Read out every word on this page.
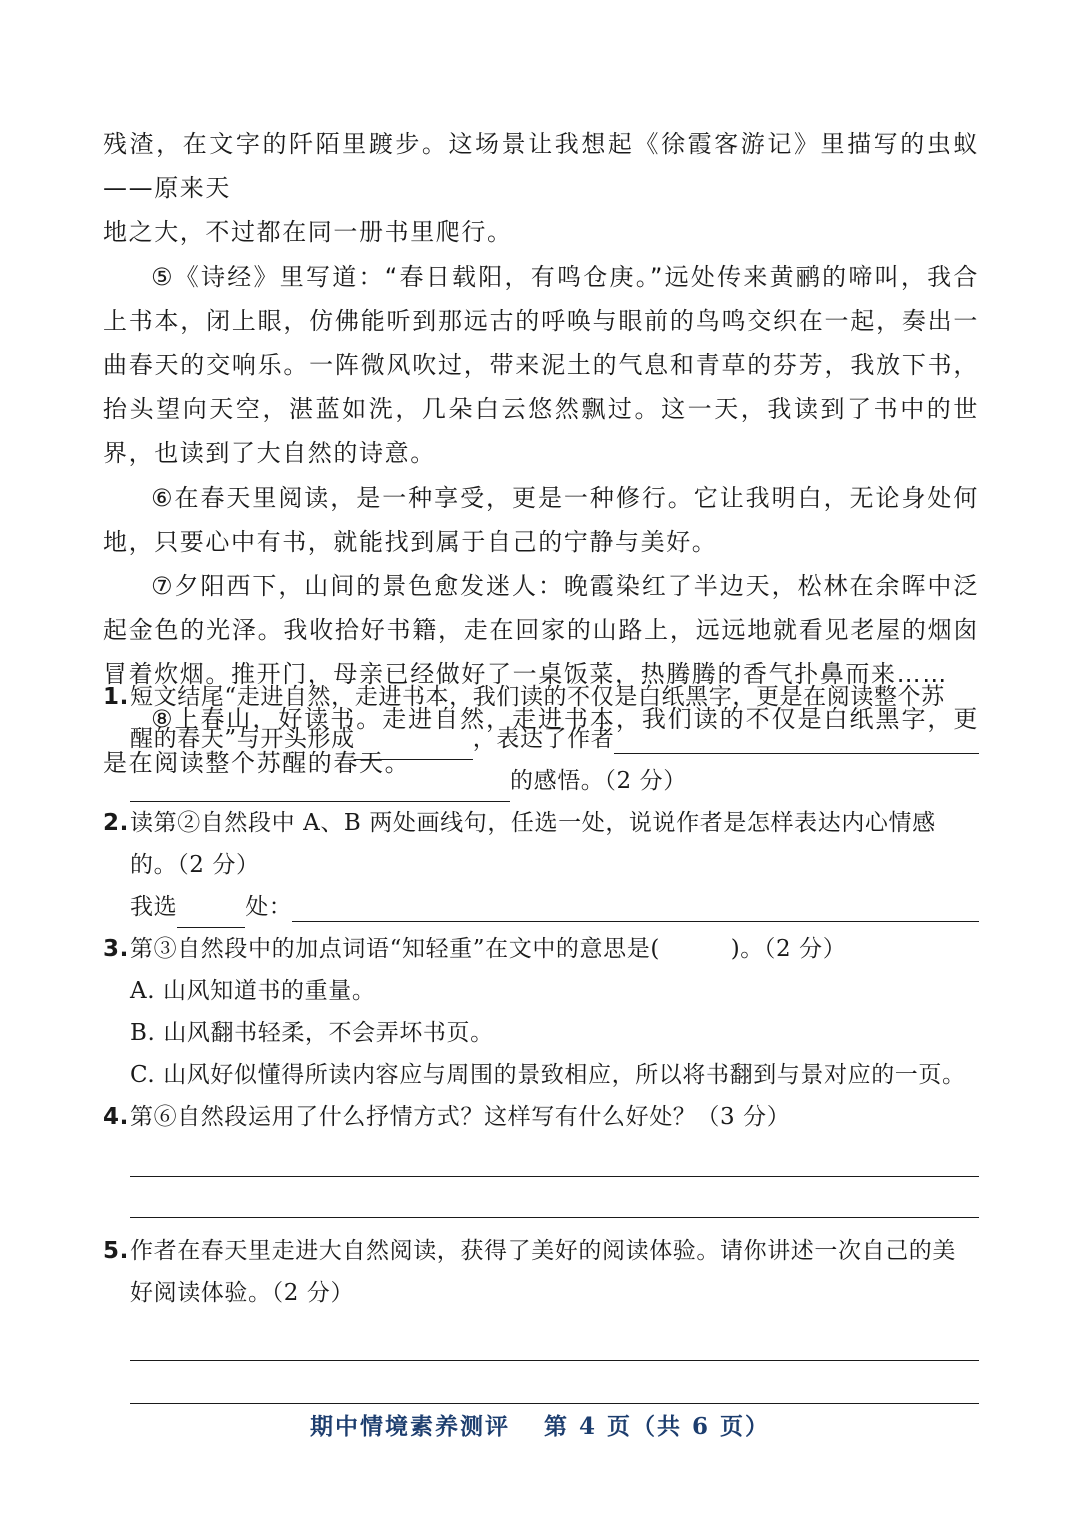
残渣，在文字的阡陌里踱步。这场景让我想起《徐霞客游记》里描写的虫蚁——原来天
地之大，不过都在同一册书里爬行。

⑤《诗经》里写道：“春日载阳，有鸣仓庚。”远处传来黄鹂的啼叫，我合上书本，闭上眼，仿佛能听到那远古的呼唤与眼前的鸟鸣交织在一起，奏出一曲春天的交响乐。一阵微风吹过，带来泥土的气息和青草的芬芳，我放下书，抬头望向天空，湛蓝如洗，几朵白云悠然飘过。这一天，我读到了书中的世界，也读到了大自然的诗意。

⑥在春天里阅读，是一种享受，更是一种修行。它让我明白，无论身处何地，只要心中有书，就能找到属于自己的宁静与美好。

⑦夕阳西下，山间的景色愈发迷人：晚霞染红了半边天，松林在余晖中泛起金色的光泽。我收拾好书籍，走在回家的山路上，远远地就看见老屋的烟囱冒着炊烟。推开门，母亲已经做好了一桌饭菜，热腾腾的香气扑鼻而来……

⑧上春山，好读书。走进自然，走进书本，我们读的不仅是白纸黑字，更是在阅读整个苏醒的春天。

1. 短文结尾“走进自然，走进书本，我们读的不仅是白纸黑字，更是在阅读整个苏
醒的春天”与开头形成	，表达了作者
的感悟。（2 分）
2. 读第②自然段中 A、B 两处画线句，任选一处，说说作者是怎样表达内心情感的。（2 分）
我选	处：
3. 第③自然段中的加点词语“知轻重”在文中的意思是(　　　)。（2 分）
A. 山风知道书的重量。
B. 山风翻书轻柔，不会弄坏书页。
C. 山风好似懂得所读内容应与周围的景致相应，所以将书翻到与景对应的一页。
4. 第⑥自然段运用了什么抒情方式？这样写有什么好处？（3 分）
5. 作者在春天里走进大自然阅读，获得了美好的阅读体验。请你讲述一次自己的美好阅读体验。（2 分）
期中情境素养测评 第 4 页（共 6 页）
